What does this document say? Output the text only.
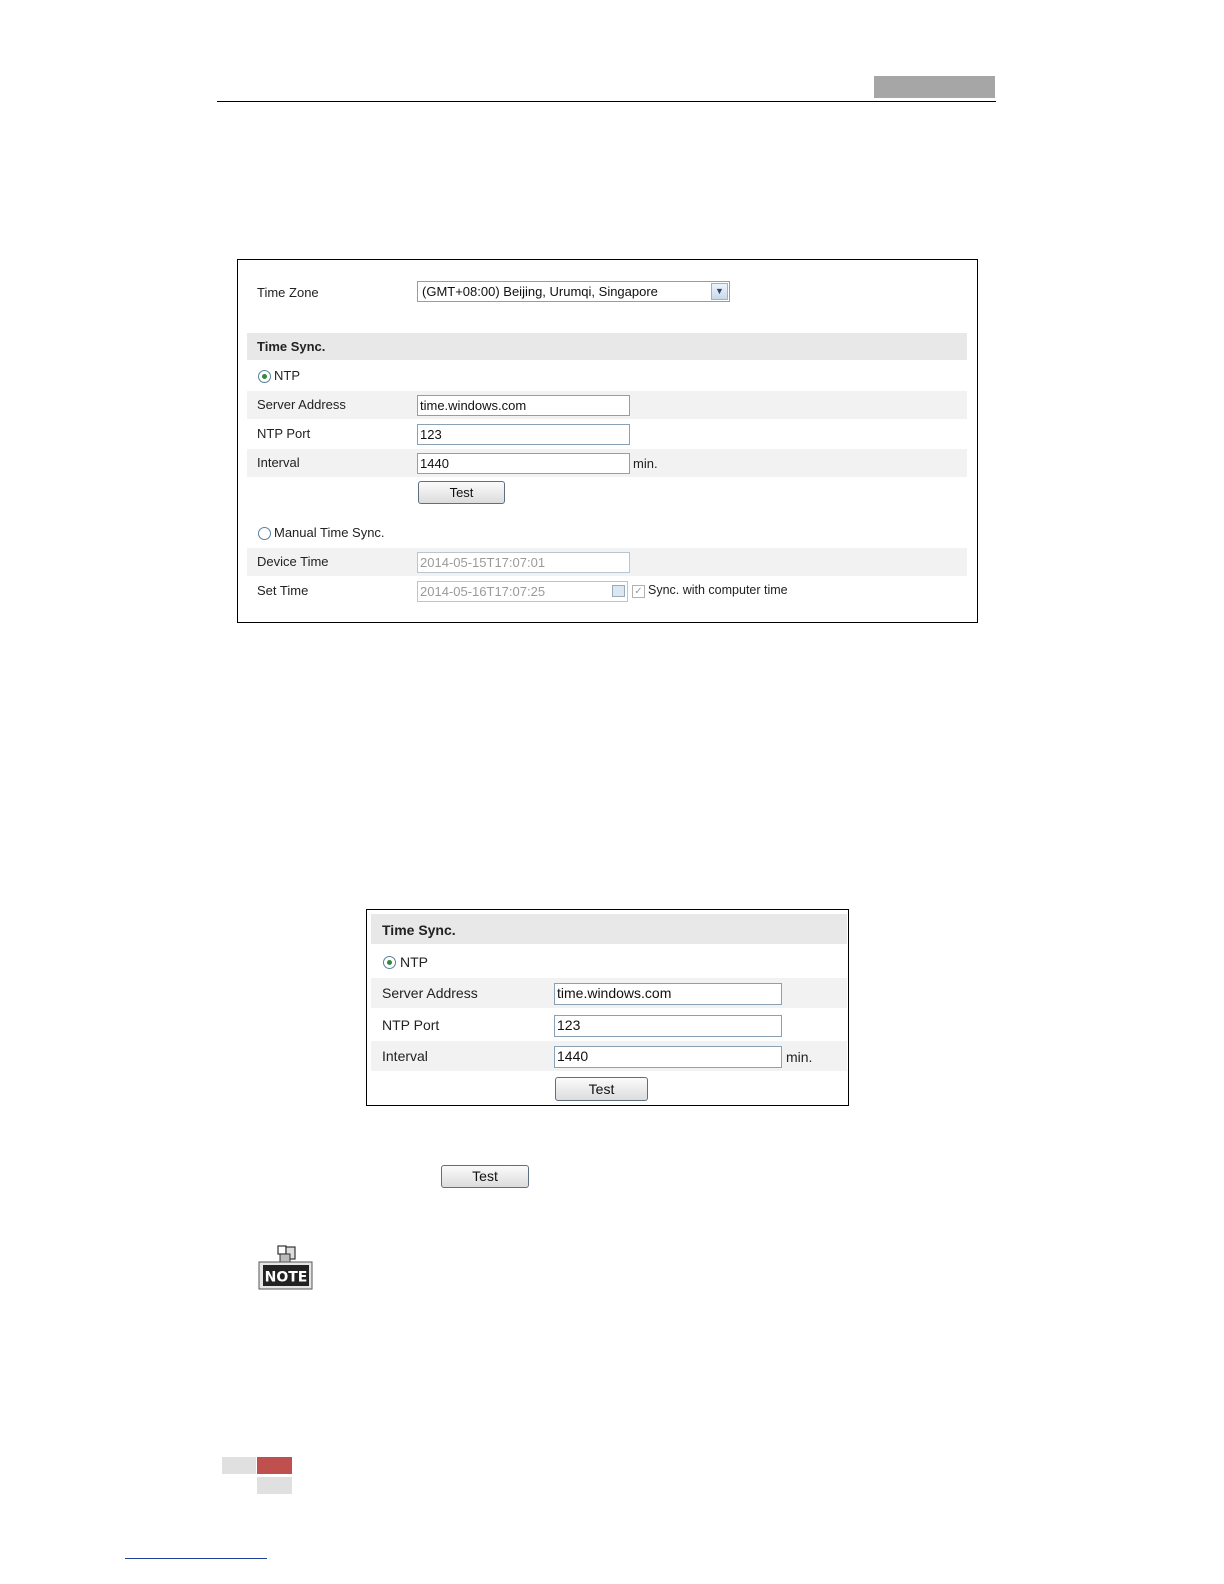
Time Zone	(GMT+08:00) Beijing, Urumqi, Singapore	▼
Time Sync.
NTP
Server Address	time.windows.com
NTP Port	123
Interval	1440	min.
Test
Manual Time Sync.
Device Time	2014-05-15T17:07:01
Set Time	2014-05-16T17:07:25	✓ Sync. with computer time
Time Sync.
NTP
Server Address	time.windows.com
NTP Port	123
Interval	1440	min.
Test
Test
NOTE
